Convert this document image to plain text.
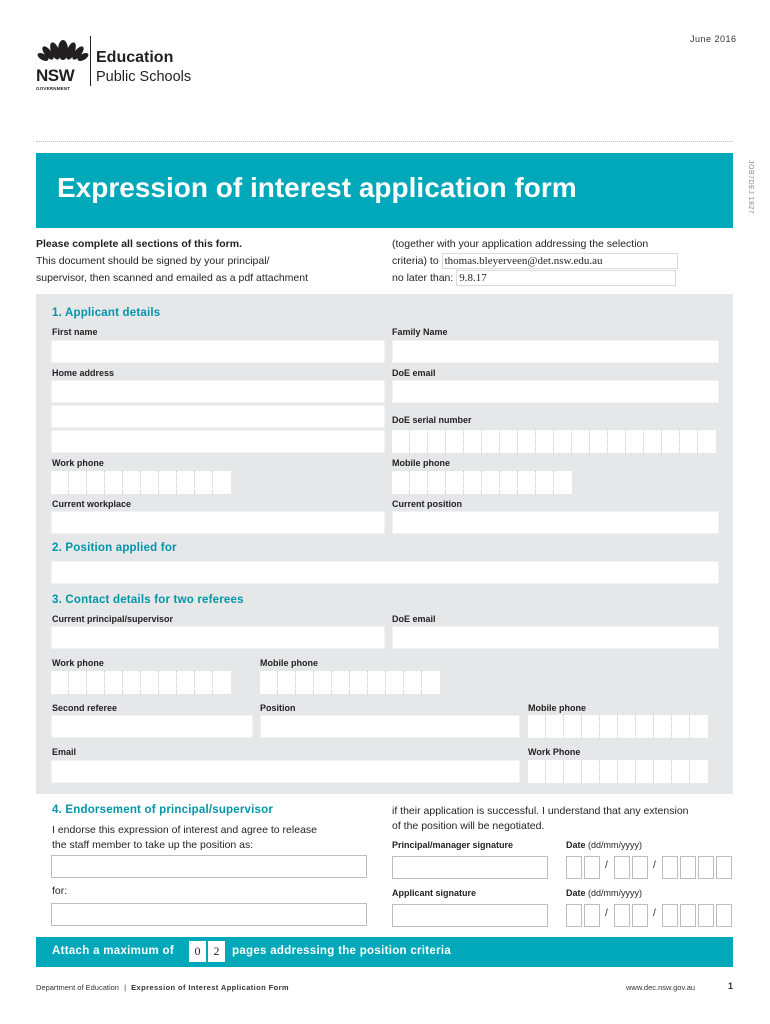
June 2016
NSW
GOVERNMENT
Education
Public Schools
Expression of interest application form	JOB7DEJ 1827
Please complete all sections of this form.
This document should be signed by your principal/
supervisor, then scanned and emailed as a pdf attachment
(together with your application addressing the selection
criteria) to thomas.bleyerveen@det.nsw.edu.au
no later than: 9.8.17
1. Applicant details
First name	Family Name
Home address	DoE email
DoE serial number
Work phone	Mobile phone
Current workplace	Current position
2. Position applied for
3. Contact details for two referees
Current principal/supervisor	DoE email
Work phone	Mobile phone
Second referee	Position	Mobile phone
Email	Work Phone
4. Endorsement of principal/supervisor
I endorse this expression of interest and agree to release
the staff member to take up the position as:
for:
if their application is successful. I understand that any extension
of the position will be negotiated.
Principal/manager signature	Date (dd/mm/yyyy)
Applicant signature	Date (dd/mm/yyyy)
/	/
/	/
Attach a maximum of	0	2	pages addressing the position criteria
Department of Education | Expression of Interest Application Form	www.dec.nsw.gov.au	1
